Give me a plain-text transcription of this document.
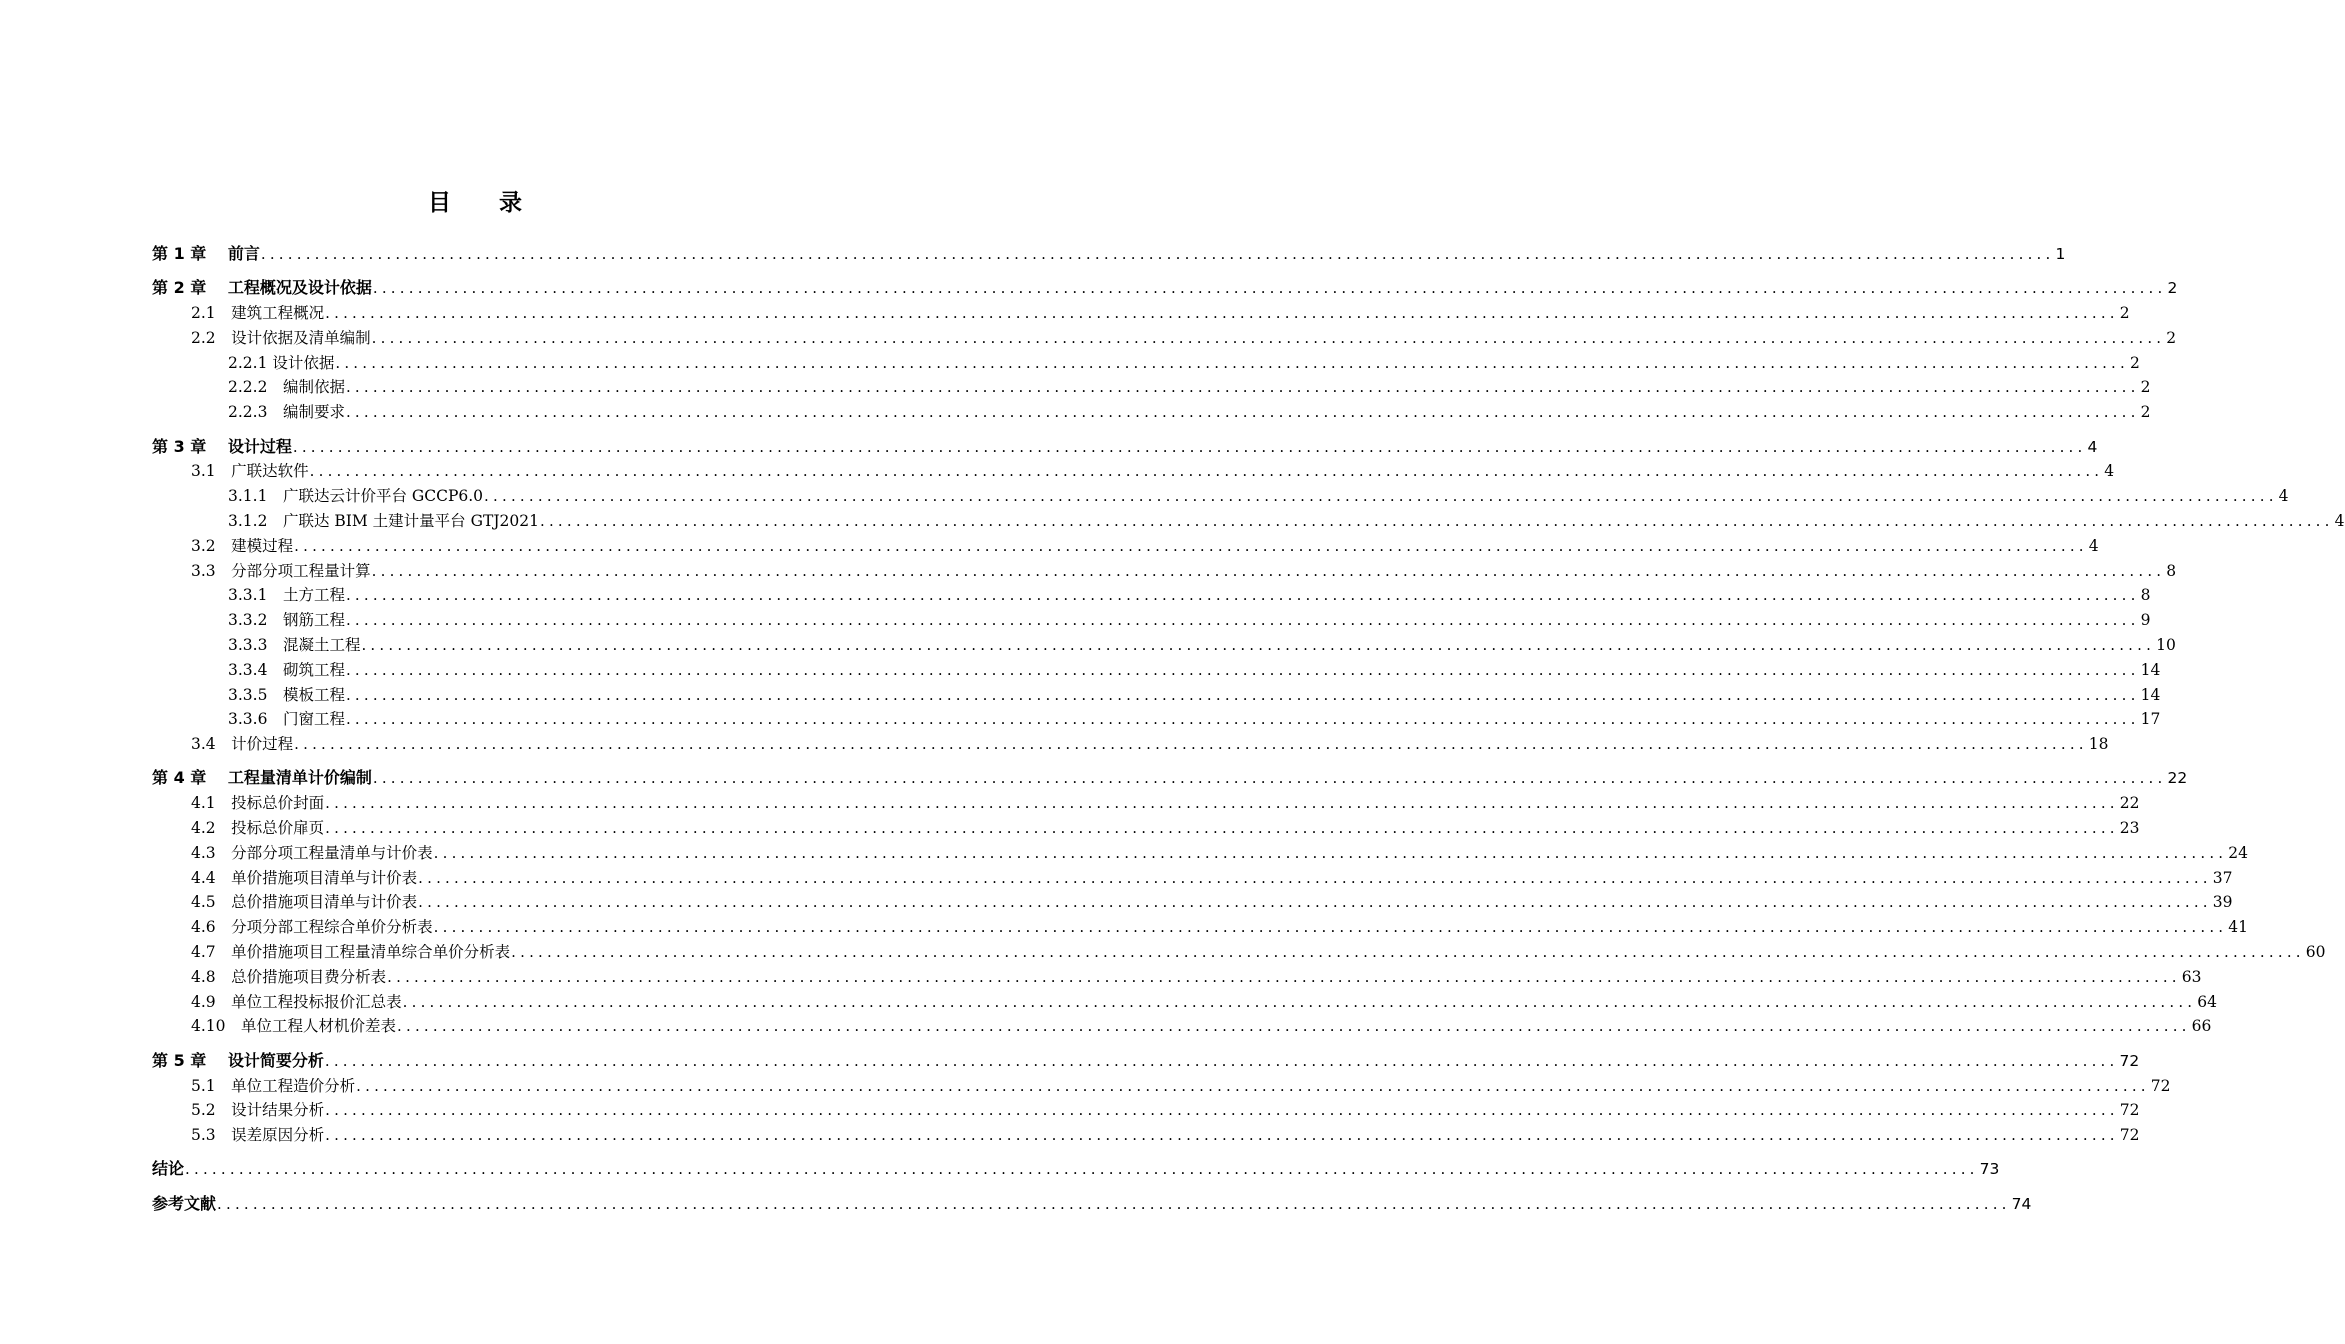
目 录
第 1 章　 前言 ........................................................................................................................................................................................................ 1
第 2 章　 工程概况及设计依据 ........................................................................................................................................................................................................ 2
2.1　建筑工程概况 ........................................................................................................................................................................................................ 2
2.2　设计依据及清单编制 ........................................................................................................................................................................................................ 2
2.2.1 设计依据 ........................................................................................................................................................................................................ 2
2.2.2　编制依据 ........................................................................................................................................................................................................ 2
2.2.3　编制要求 ........................................................................................................................................................................................................ 2
第 3 章　 设计过程 ........................................................................................................................................................................................................ 4
3.1　广联达软件 ........................................................................................................................................................................................................ 4
3.1.1　广联达云计价平台 GCCP6.0 ........................................................................................................................................................................................................ 4
3.1.2　广联达 BIM 土建计量平台 GTJ2021 ........................................................................................................................................................................................................ 4
3.2　建模过程 ........................................................................................................................................................................................................ 4
3.3　分部分项工程量计算 ........................................................................................................................................................................................................ 8
3.3.1　土方工程 ........................................................................................................................................................................................................ 8
3.3.2　钢筋工程 ........................................................................................................................................................................................................ 9
3.3.3　混凝土工程 ........................................................................................................................................................................................................ 10
3.3.4　砌筑工程 ........................................................................................................................................................................................................ 14
3.3.5　模板工程 ........................................................................................................................................................................................................ 14
3.3.6　门窗工程 ........................................................................................................................................................................................................ 17
3.4　计价过程 ........................................................................................................................................................................................................ 18
第 4 章　 工程量清单计价编制 ........................................................................................................................................................................................................ 22
4.1　投标总价封面 ........................................................................................................................................................................................................ 22
4.2　投标总价扉页 ........................................................................................................................................................................................................ 23
4.3　分部分项工程量清单与计价表 ........................................................................................................................................................................................................ 24
4.4　单价措施项目清单与计价表 ........................................................................................................................................................................................................ 37
4.5　总价措施项目清单与计价表 ........................................................................................................................................................................................................ 39
4.6　分项分部工程综合单价分析表 ........................................................................................................................................................................................................ 41
4.7　单价措施项目工程量清单综合单价分析表 ........................................................................................................................................................................................................ 60
4.8　总价措施项目费分析表 ........................................................................................................................................................................................................ 63
4.9　单位工程投标报价汇总表 ........................................................................................................................................................................................................ 64
4.10　单位工程人材机价差表 ........................................................................................................................................................................................................ 66
第 5 章　 设计简要分析 ........................................................................................................................................................................................................ 72
5.1　单位工程造价分析 ........................................................................................................................................................................................................ 72
5.2　设计结果分析 ........................................................................................................................................................................................................ 72
5.3　误差原因分析 ........................................................................................................................................................................................................ 72
结论 ........................................................................................................................................................................................................ 73
参考文献 ........................................................................................................................................................................................................ 74
